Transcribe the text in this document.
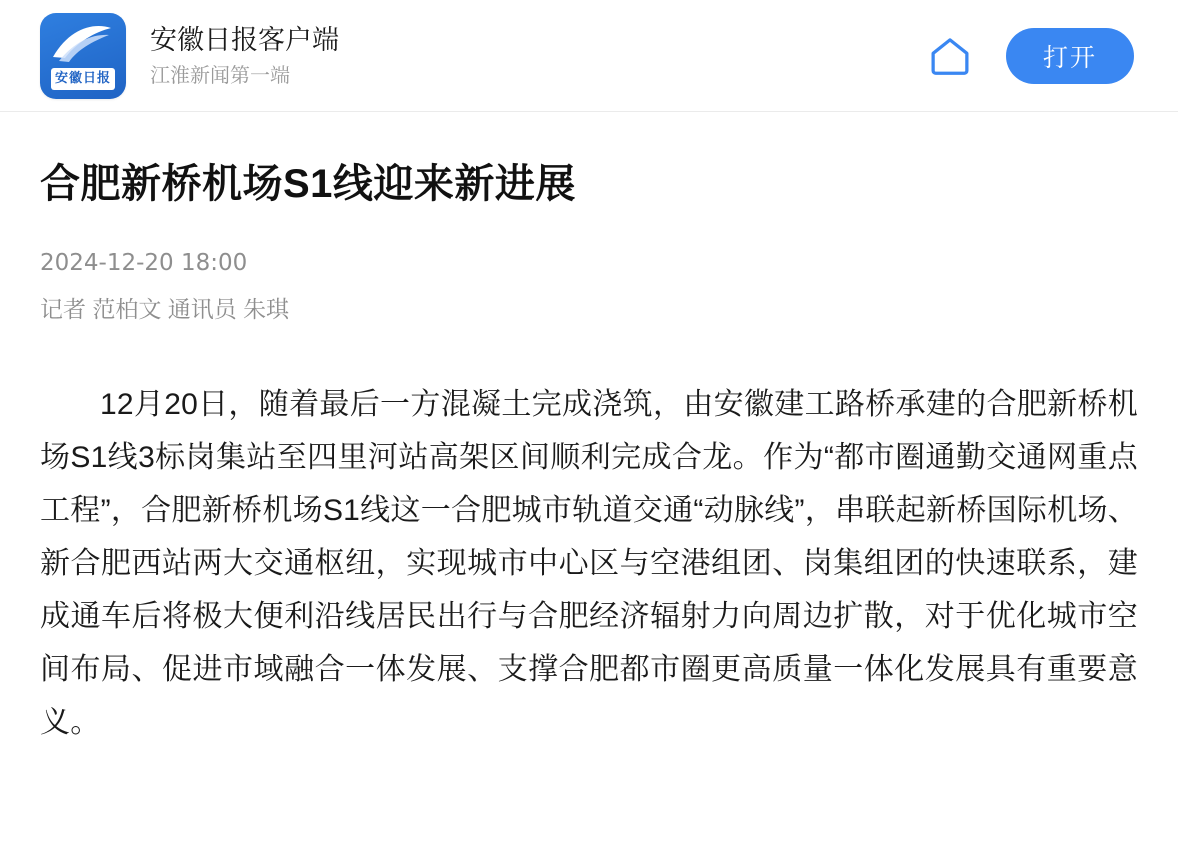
安徽日报
安徽日报客户端
江淮新闻第一端
打开
合肥新桥机场S1线迎来新进展
2024-12-20 18:00
记者 范柏文 通讯员 朱琪

12月20日，随着最后一方混凝土完成浇筑，由安徽建工路桥承建的合肥新桥机场S1线3标岗集站至四里河站高架区间顺利完成合龙。作为“都市圈通勤交通网重点工程”，合肥新桥机场S1线这一合肥城市轨道交通“动脉线”，串联起新桥国际机场、新合肥西站两大交通枢纽，实现城市中心区与空港组团、岗集组团的快速联系，建成通车后将极大便利沿线居民出行与合肥经济辐射力向周边扩散，对于优化城市空间布局、促进市域融合一体发展、支撑合肥都市圈更高质量一体化发展具有重要意义。
